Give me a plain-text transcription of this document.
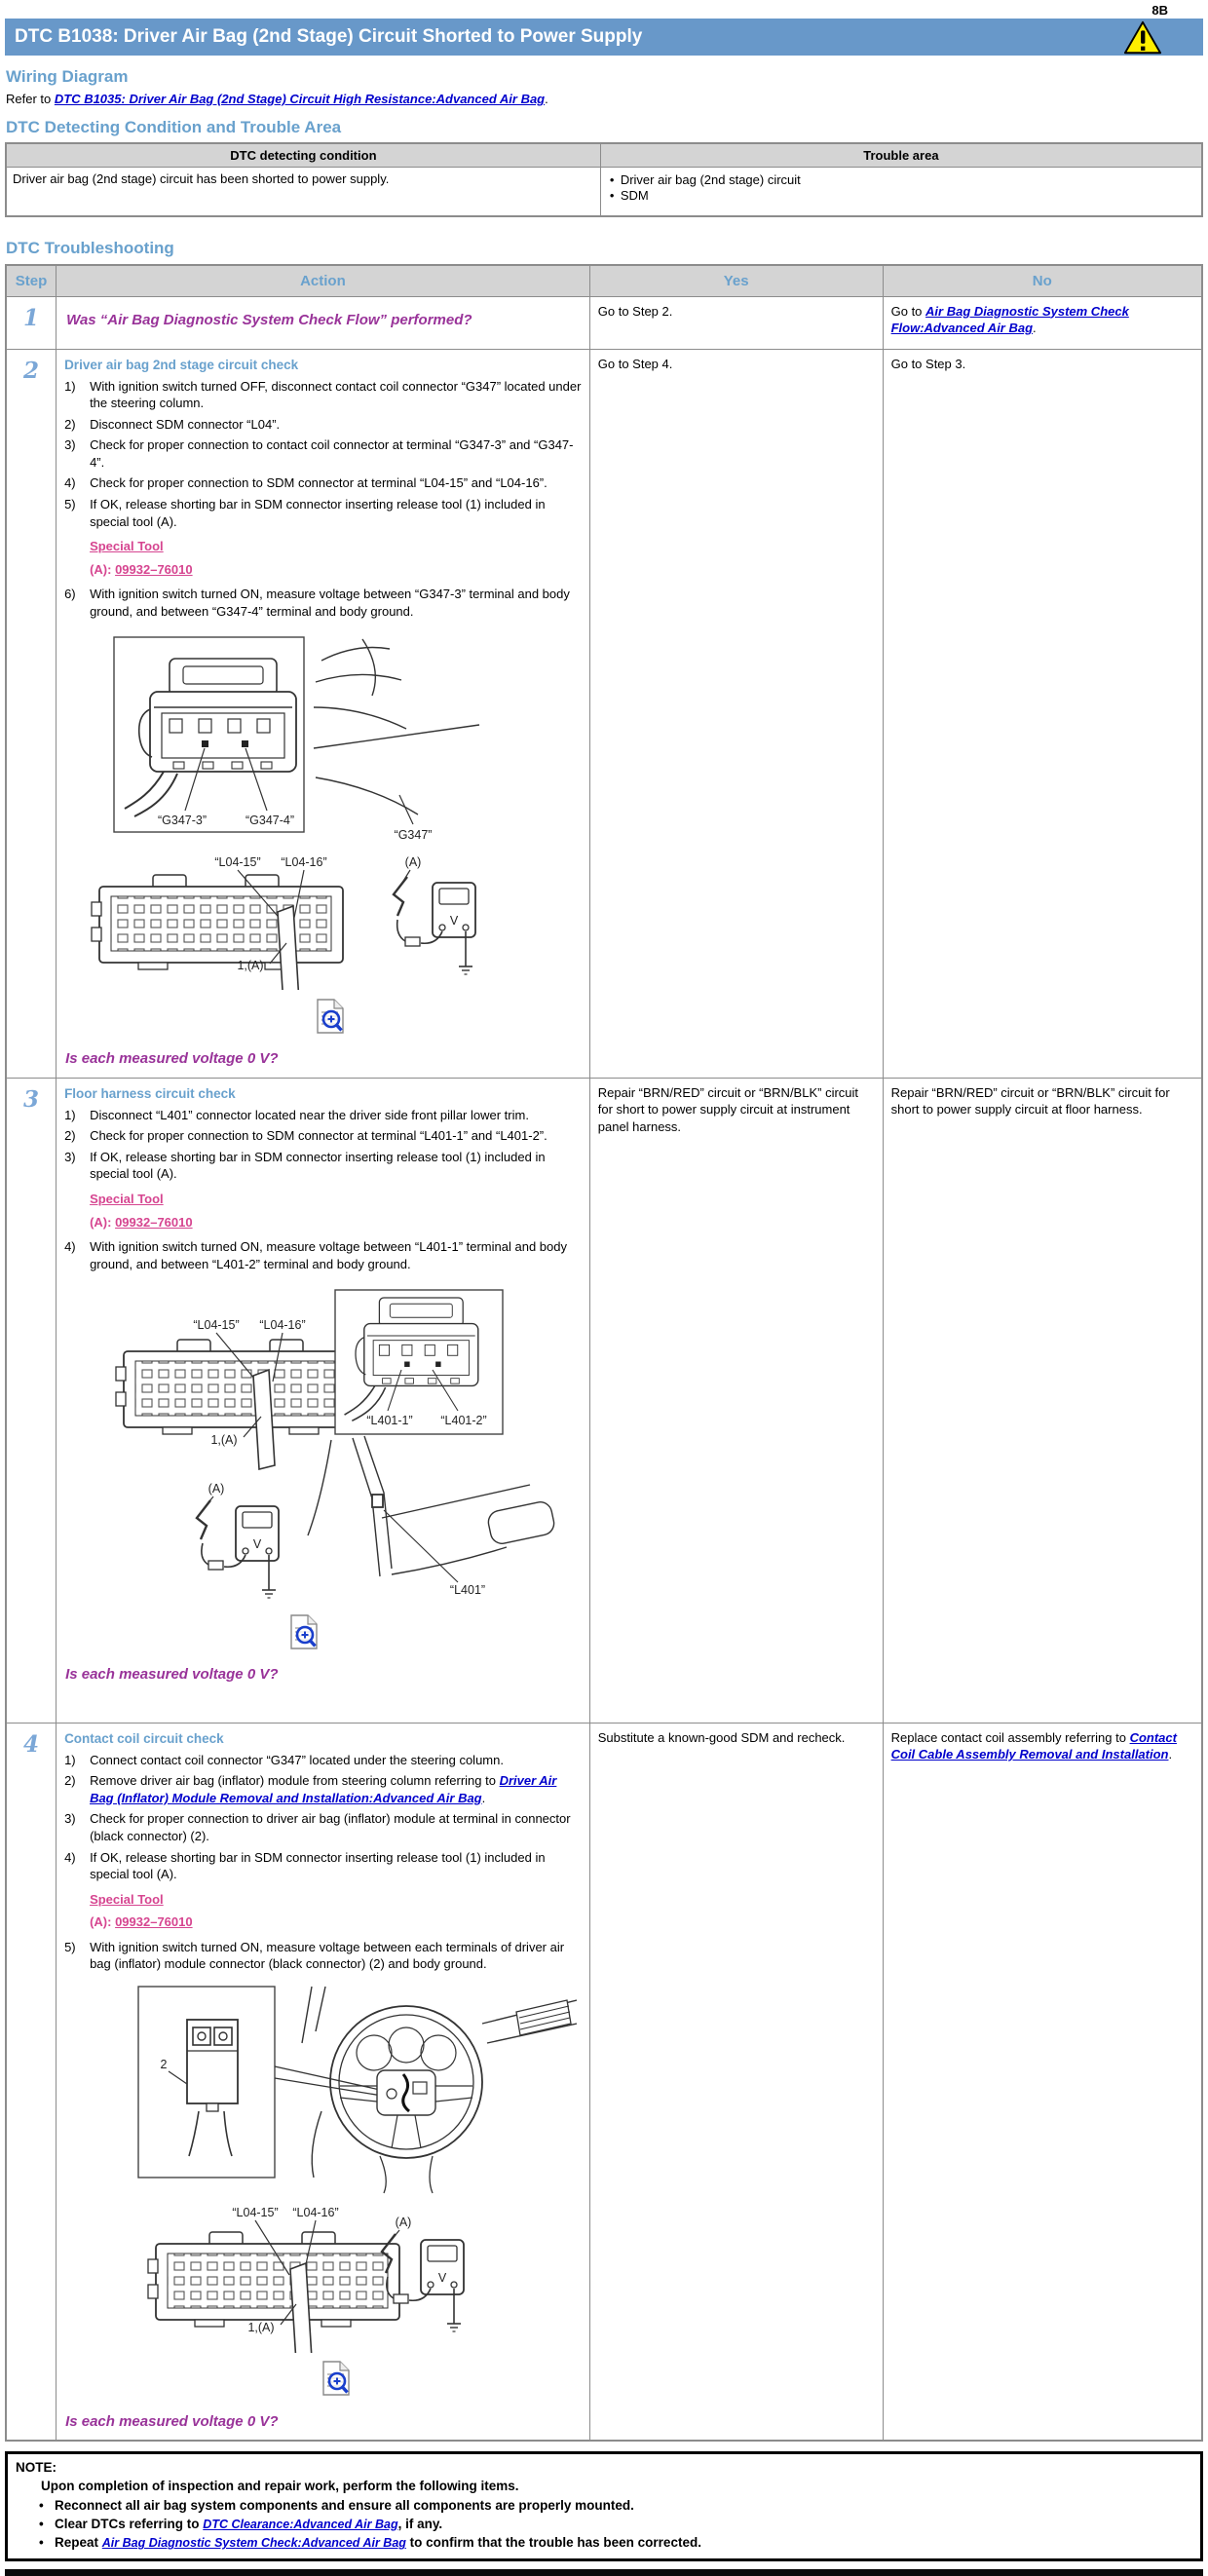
8B
DTC B1038: Driver Air Bag (2nd Stage) Circuit Shorted to Power Supply
Wiring Diagram

Refer to DTC B1035: Driver Air Bag (2nd Stage) Circuit High Resistance:Advanced Air Bag.

DTC Detecting Condition and Trouble Area
DTC detecting condition	Trouble area
Driver air bag (2nd stage) circuit has been shorted to power supply.	• Driver air bag (2nd stage) circuit
• SDM
DTC Troubleshooting
Step	Action	Yes	No
1	Was “Air Bag Diagnostic System Check Flow” performed?	Go to Step 2.	Go to Air Bag Diagnostic System Check Flow:Advanced Air Bag.
2	Driver air bag 2nd stage circuit check
1)	With ignition switch turned OFF, disconnect contact coil connector “G347” located under the steering column.
2)	Disconnect SDM connector “L04”.
3)	Check for proper connection to contact coil connector at terminal “G347-3” and “G347-4”.
4)	Check for proper connection to SDM connector at terminal “L04-15” and “L04-16”.
5)	If OK, release shorting bar in SDM connector inserting release tool (1) included in special tool (A).
Special Tool
(A): 09932–76010
6)	With ignition switch turned ON, measure voltage between “G347-3” terminal and body ground, and between “G347-4” terminal and body ground.
“G347-3”	“G347-4”
“G347”
“L04-15” “L04-16”
1,(A)
(A)
V
Is each measured voltage 0 V?
	Go to Step 4.	Go to Step 3.
3	Floor harness circuit check
1)	Disconnect “L401” connector located near the driver side front pillar lower trim.
2)	Check for proper connection to SDM connector at terminal “L401-1” and “L401-2”.
3)	If OK, release shorting bar in SDM connector inserting release tool (1) included in special tool (A).
Special Tool
(A): 09932–76010
4)	With ignition switch turned ON, measure voltage between “L401-1” terminal and body ground, and between “L401-2” terminal and body ground.
“L04-15” “L04-16”
1,(A)
(A)
V
“L401-1” “L401-2”
“L401”
Is each measured voltage 0 V?
	Repair “BRN/RED” circuit or “BRN/BLK” circuit for short to power supply circuit at instrument panel harness.	Repair “BRN/RED” circuit or “BRN/BLK” circuit for short to power supply circuit at floor harness.
4	Contact coil circuit check
1)	Connect contact coil connector “G347” located under the steering column.
2)	Remove driver air bag (inflator) module from steering column referring to Driver Air Bag (Inflator) Module Removal and Installation:Advanced Air Bag.
3)	Check for proper connection to driver air bag (inflator) module at terminal in connector (black connector) (2).
4)	If OK, release shorting bar in SDM connector inserting release tool (1) included in special tool (A).
Special Tool
(A): 09932–76010
5)	With ignition switch turned ON, measure voltage between each terminals of driver air bag (inflator) module connector (black connector) (2) and body ground.
2
“L04-15” “L04-16”
1,(A)
(A)
V
Is each measured voltage 0 V?
	Substitute a known-good SDM and recheck.	Replace contact coil assembly referring to Contact Coil Cable Assembly Removal and Installation.
NOTE:
Upon completion of inspection and repair work, perform the following items.
• Reconnect all air bag system components and ensure all components are properly mounted.
• Clear DTCs referring to DTC Clearance:Advanced Air Bag, if any.
• Repeat Air Bag Diagnostic System Check:Advanced Air Bag to confirm that the trouble has been corrected.
